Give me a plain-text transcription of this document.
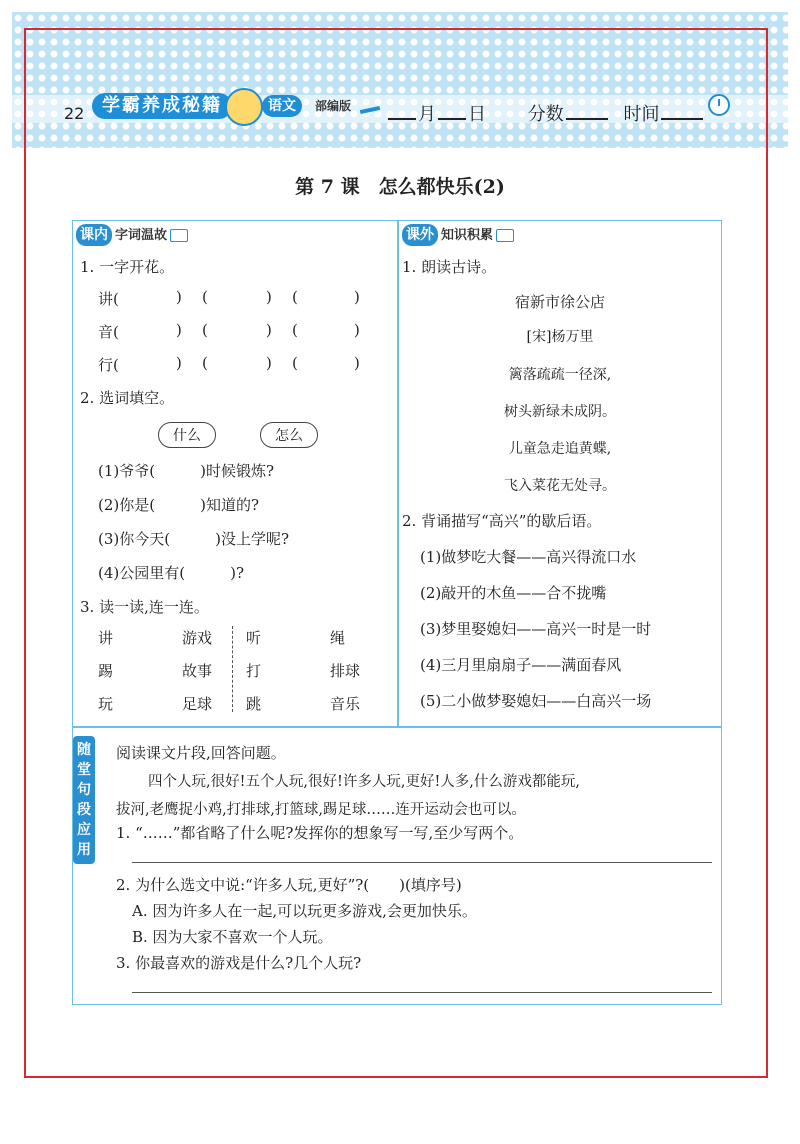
22 学霸养成秘籍	语文	部编版	月 日 分数	时间
第 7 课　怎么都快乐(2)
课内 字词温故
1. 一字开花。
讲(	) (	) (	)
音(	) (	) (	)
行(	) (	) (	)
2. 选词填空。
什么	怎么
(1)爷爷(　　　)时候锻炼?
(2)你是(　　　)知道的?
(3)你今天(　　　)没上学呢?
(4)公园里有(　　　)?
3. 读一读,连一连。
讲	游戏 听	绳
踢	故事 打	排球
玩	足球 跳	音乐
课外 知识积累
1. 朗读古诗。
宿新市徐公店
[宋]杨万里
篱落疏疏一径深,
树头新绿未成阴。
儿童急走追黄蝶,
飞入菜花无处寻。
2. 背诵描写“高兴”的歇后语。
(1)做梦吃大餐——高兴得流口水
(2)敲开的木鱼——合不拢嘴
(3)梦里娶媳妇——高兴一时是一时
(4)三月里扇扇子——满面春风
(5)二小做梦娶媳妇——白高兴一场
随
堂
句
段
应
用
阅读课文片段,回答问题。
四个人玩,很好!五个人玩,很好!许多人玩,更好!人多,什么游戏都能玩,
拔河,老鹰捉小鸡,打排球,打篮球,踢足球……连开运动会也可以。
1. “……”都省略了什么呢?发挥你的想象写一写,至少写两个。
2. 为什么选文中说:“许多人玩,更好”?(　　)(填序号)
A. 因为许多人在一起,可以玩更多游戏,会更加快乐。
B. 因为大家不喜欢一个人玩。
3. 你最喜欢的游戏是什么?几个人玩?
